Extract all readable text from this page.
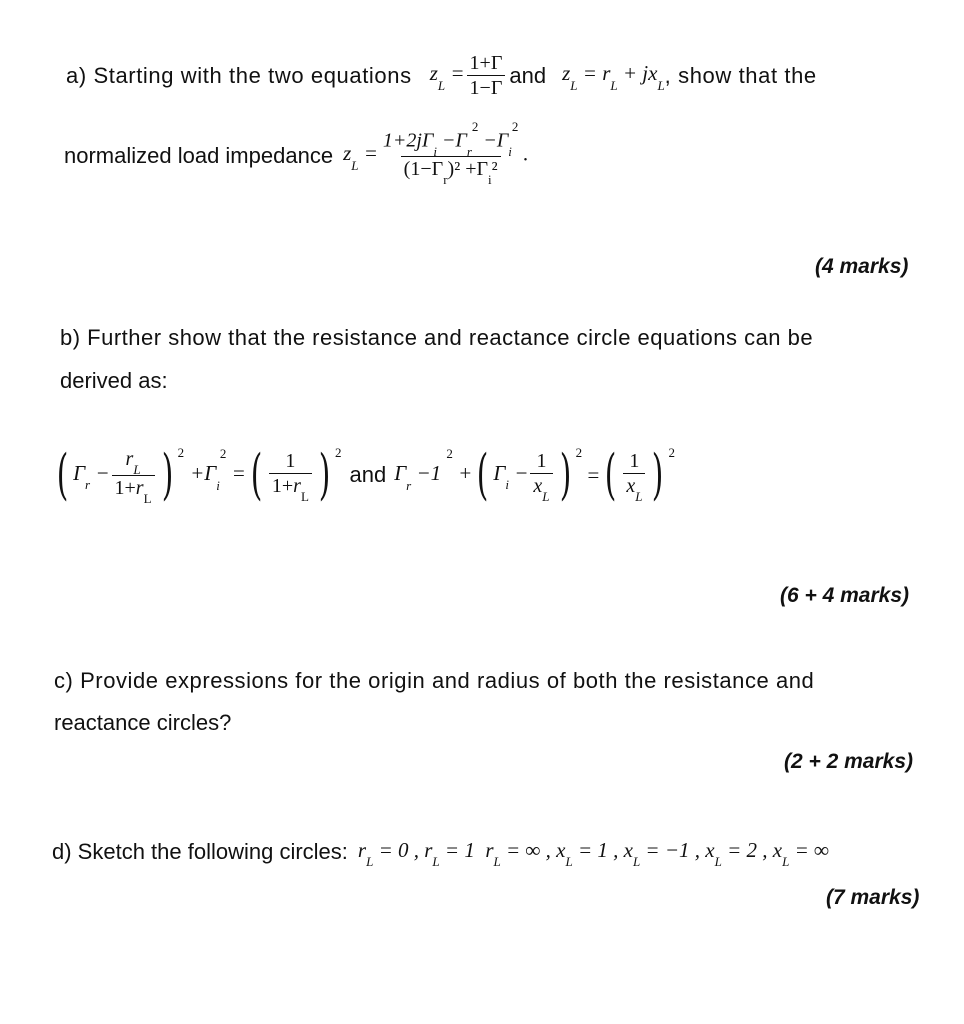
a) Starting with the two equations $z_L = \frac{1+\Gamma}{1-\Gamma}$ and $z_L = r_L + jx_L$ , show that the
normalized load impedance $z_L = \frac{1+2j\Gamma_i -\Gamma_r^2 -\Gamma_i^2}{(1-\Gamma_r)^2 +\Gamma_i^2}$ .
(4 marks)
b) Further show that the resistance and reactance circle equations can be
derived as:
( $\Gamma_r - \frac{r_L}{1+r_L}$ ) $^2$
$+\Gamma_i^2$ = ( $\frac{1}{1+r_L}$ ) $^2$
and $\Gamma_r -1$ $^2$ + ( $\Gamma_i - \frac{1}{x_L}$ ) $^2$
= ( $\frac{1}{x_L}$ ) $^2$
(6 + 4 marks)
c) Provide expressions for the origin and radius of both the resistance and
reactance circles?
(2 + 2 marks)
d) Sketch the following circles: $r_L = 0$ , $r_L = 1$  $r_L$ = ∞ , $x_L = 1$ , $x_L = -1$ , $x_L = 2$ , $x_L$ = ∞
(7 marks)
